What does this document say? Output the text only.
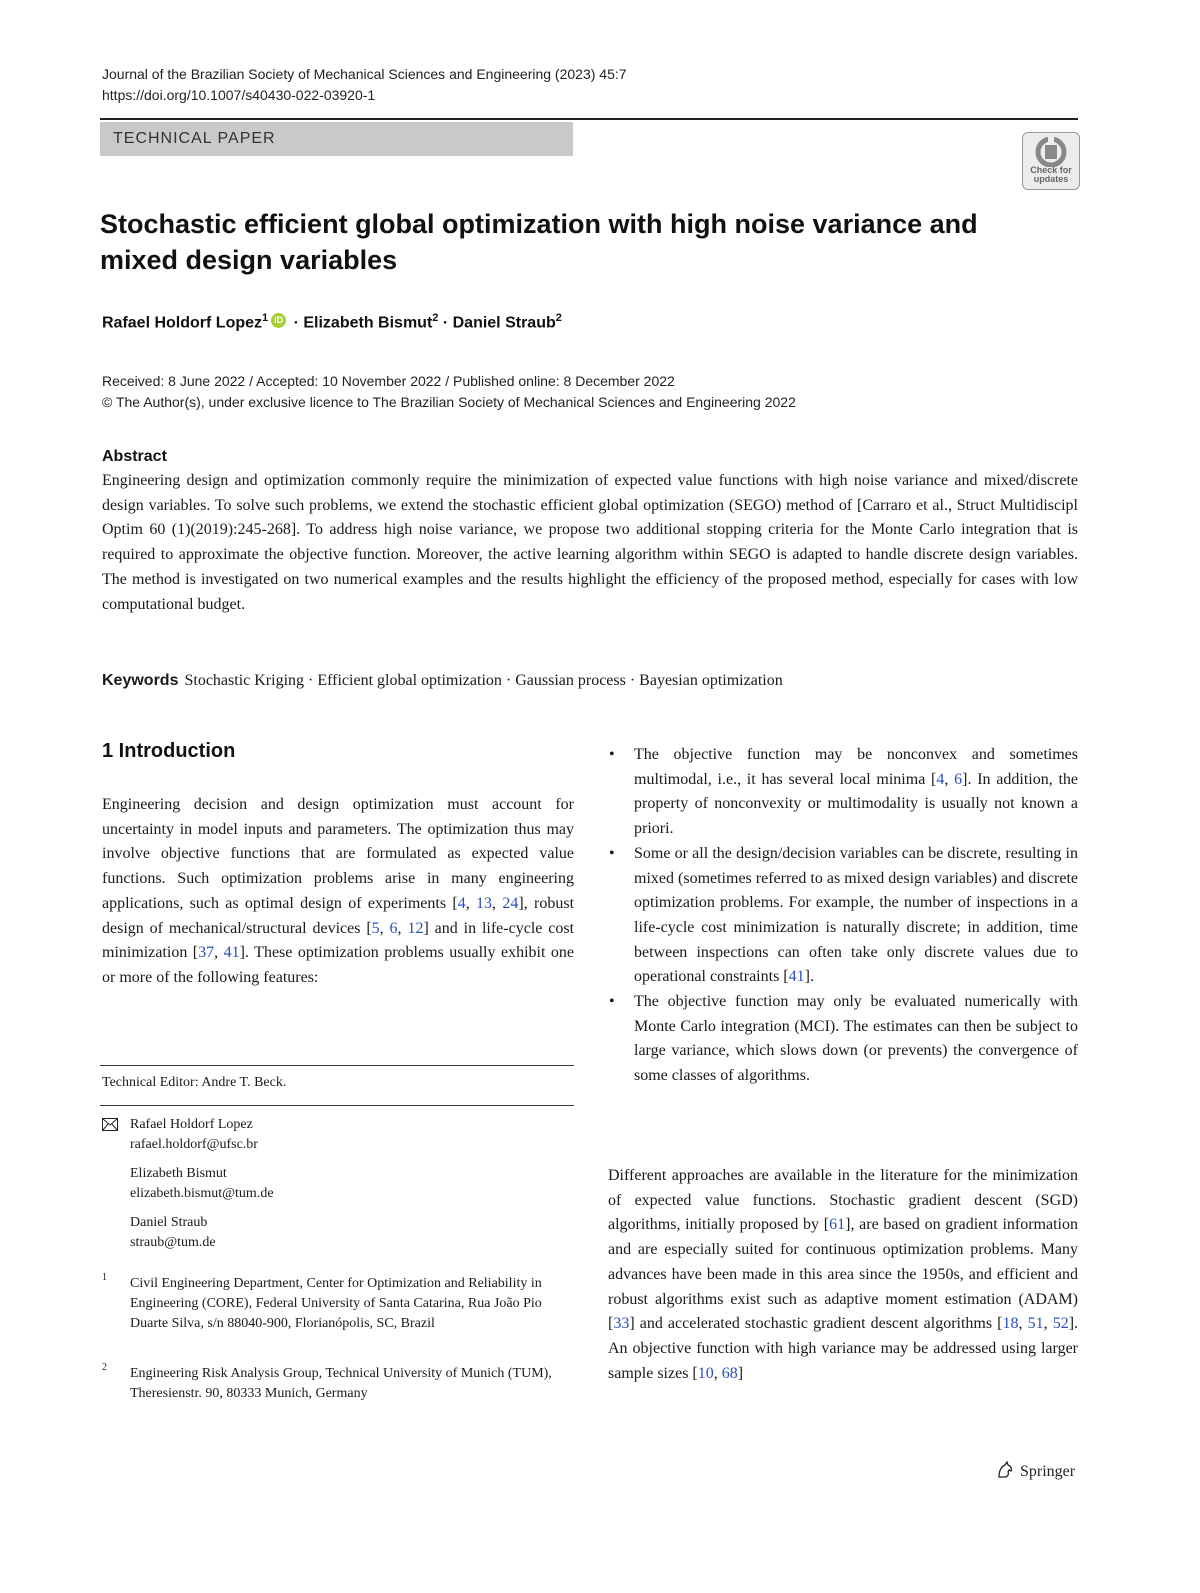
Journal of the Brazilian Society of Mechanical Sciences and Engineering (2023) 45:7
https://doi.org/10.1007/s40430-022-03920-1
TECHNICAL PAPER
Check for updates
Stochastic efficient global optimization with high noise variance and mixed design variables
Rafael Holdorf Lopez$^1$ iD · Elizabeth Bismut$^2$ · Daniel Straub$^2$
Received: 8 June 2022 / Accepted: 10 November 2022 / Published online: 8 December 2022
© The Author(s), under exclusive licence to The Brazilian Society of Mechanical Sciences and Engineering 2022
Abstract
Engineering design and optimization commonly require the minimization of expected value functions with high noise variance and mixed/discrete design variables. To solve such problems, we extend the stochastic efficient global optimization (SEGO) method of [Carraro et al., Struct Multidiscipl Optim 60 (1)(2019):245-268]. To address high noise variance, we propose two additional stopping criteria for the Monte Carlo integration that is required to approximate the objective function. Moreover, the active learning algorithm within SEGO is adapted to handle discrete design variables. The method is investigated on two numerical examples and the results highlight the efficiency of the proposed method, especially for cases with low computational budget.
Keywords Stochastic Kriging · Efficient global optimization · Gaussian process · Bayesian optimization
1 Introduction
Engineering decision and design optimization must account for uncertainty in model inputs and parameters. The optimization thus may involve objective functions that are formulated as expected value functions. Such optimization problems arise in many engineering applications, such as optimal design of experiments [4, 13, 24], robust design of mechanical/structural devices [5, 6, 12] and in life-cycle cost minimization [37, 41]. These optimization problems usually exhibit one or more of the following features:
Technical Editor: Andre T. Beck.
Rafael Holdorf Lopez
rafael.holdorf@ufsc.br
Elizabeth Bismut
elizabeth.bismut@tum.de
Daniel Straub
straub@tum.de
1 Civil Engineering Department, Center for Optimization and Reliability in Engineering (CORE), Federal University of Santa Catarina, Rua João Pio Duarte Silva, s/n 88040-900, Florianópolis, SC, Brazil
2 Engineering Risk Analysis Group, Technical University of Munich (TUM), Theresienstr. 90, 80333 Munich, Germany
• The objective function may be nonconvex and sometimes multimodal, i.e., it has several local minima [4, 6]. In addition, the property of nonconvexity or multimodality is usually not known a priori.
• Some or all the design/decision variables can be discrete, resulting in mixed (sometimes referred to as mixed design variables) and discrete optimization problems. For example, the number of inspections in a life-cycle cost minimization is naturally discrete; in addition, time between inspections can often take only discrete values due to operational constraints [41].
• The objective function may only be evaluated numerically with Monte Carlo integration (MCI). The estimates can then be subject to large variance, which slows down (or prevents) the convergence of some classes of algorithms.
Different approaches are available in the literature for the minimization of expected value functions. Stochastic gradient descent (SGD) algorithms, initially proposed by [61], are based on gradient information and are especially suited for continuous optimization problems. Many advances have been made in this area since the 1950s, and efficient and robust algorithms exist such as adaptive moment estimation (ADAM) [33] and accelerated stochastic gradient descent algorithms [18, 51, 52]. An objective function with high variance may be addressed using larger sample sizes [10, 68]
Springer
